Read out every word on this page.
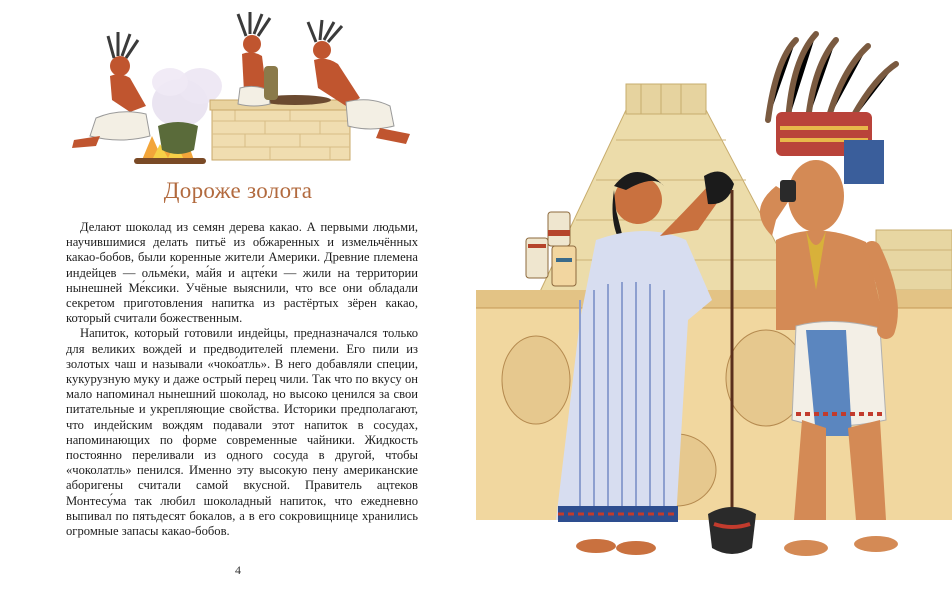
Дороже золота

Делают шоколад из семян дерева какао. А первыми людьми, научившимися делать питьё из обжаренных и измельчённых какао-бобов, были коренные жители Америки. Древние племена индейцев — ольме́ки, ма́йя и ацте́ки — жили на территории нынешней Ме́ксики. Учёные выяснили, что все они обладали секретом приготовления напитка из растёртых зёрен какао, который считали божественным.

Напиток, который готовили индейцы, предназначался только для великих вождей и предводителей племени. Его пили из золотых чаш и называли «чоко́атль». В него добавляли специи, кукурузную муку и даже острый перец чили. Так что по вкусу он мало напоминал нынешний шоколад, но высоко ценился за свои питательные и укрепляющие свойства. Историки предполагают, что индейским вождям подавали этот напиток в сосудах, напоминающих по форме современные чайники. Жидкость постоянно переливали из одного сосуда в другой, чтобы «чоколатль» пенился. Именно эту высокую пену американские аборигены считали самой вкусной. Правитель ацтеков Монтесу́ма так любил шоколадный напиток, что ежедневно выпивал по пятьдесят бокалов, а в его сокровищнице хранились огромные запасы какао-бобов.

4
